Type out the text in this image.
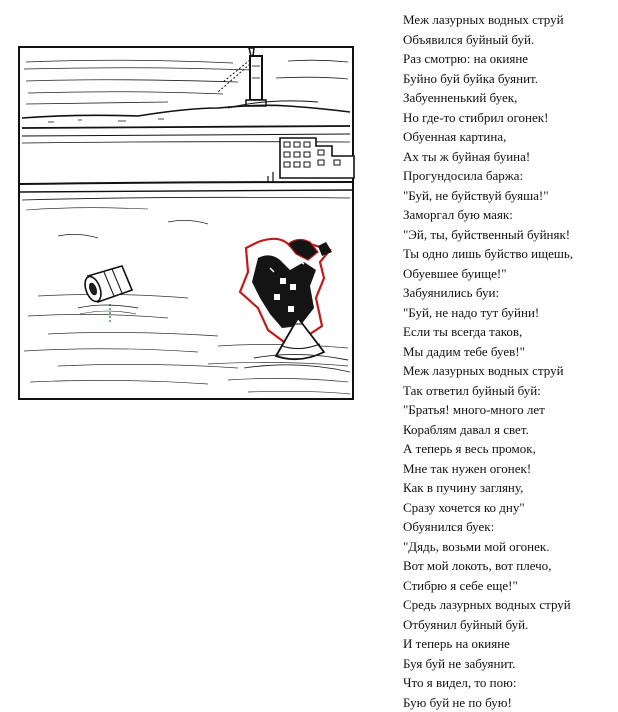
Меж лазурных водных струй
Объявился буйный буй.
Раз смотрю: на окияне
Буйно буй буйка буянит.
Забуенненький буек,
Но где-то стибрил огонек!
Обуенная картина,
Ах ты ж буйная буина!
Прогундосила баржа:
"Буй, не буйствуй буяша!"
Заморгал бую маяк:
"Эй, ты, буйственный буйняк!
Ты одно лишь буйство ищешь,
Обуевшее буище!"
Забуянились буи:
"Буй, не надо тут буйни!
Если ты всегда таков,
Мы дадим тебе буев!"
Меж лазурных водных струй
Так ответил буйный буй:
"Братья! много-много лет
Кораблям давал я свет.
А теперь я весь промок,
Мне так нужен огонек!
Как в пучину загляну,
Сразу хочется ко дну"
Обуянился буек:
"Дядь, возьми мой огонек.
Вот мой локоть, вот плечо,
Стибрю я себе еще!"
Средь лазурных водных струй
Отбуянил буйный буй.
И теперь на окияне
Буя буй не забуянит.
Что я видел, то пою:
Бую буй не по бую!
